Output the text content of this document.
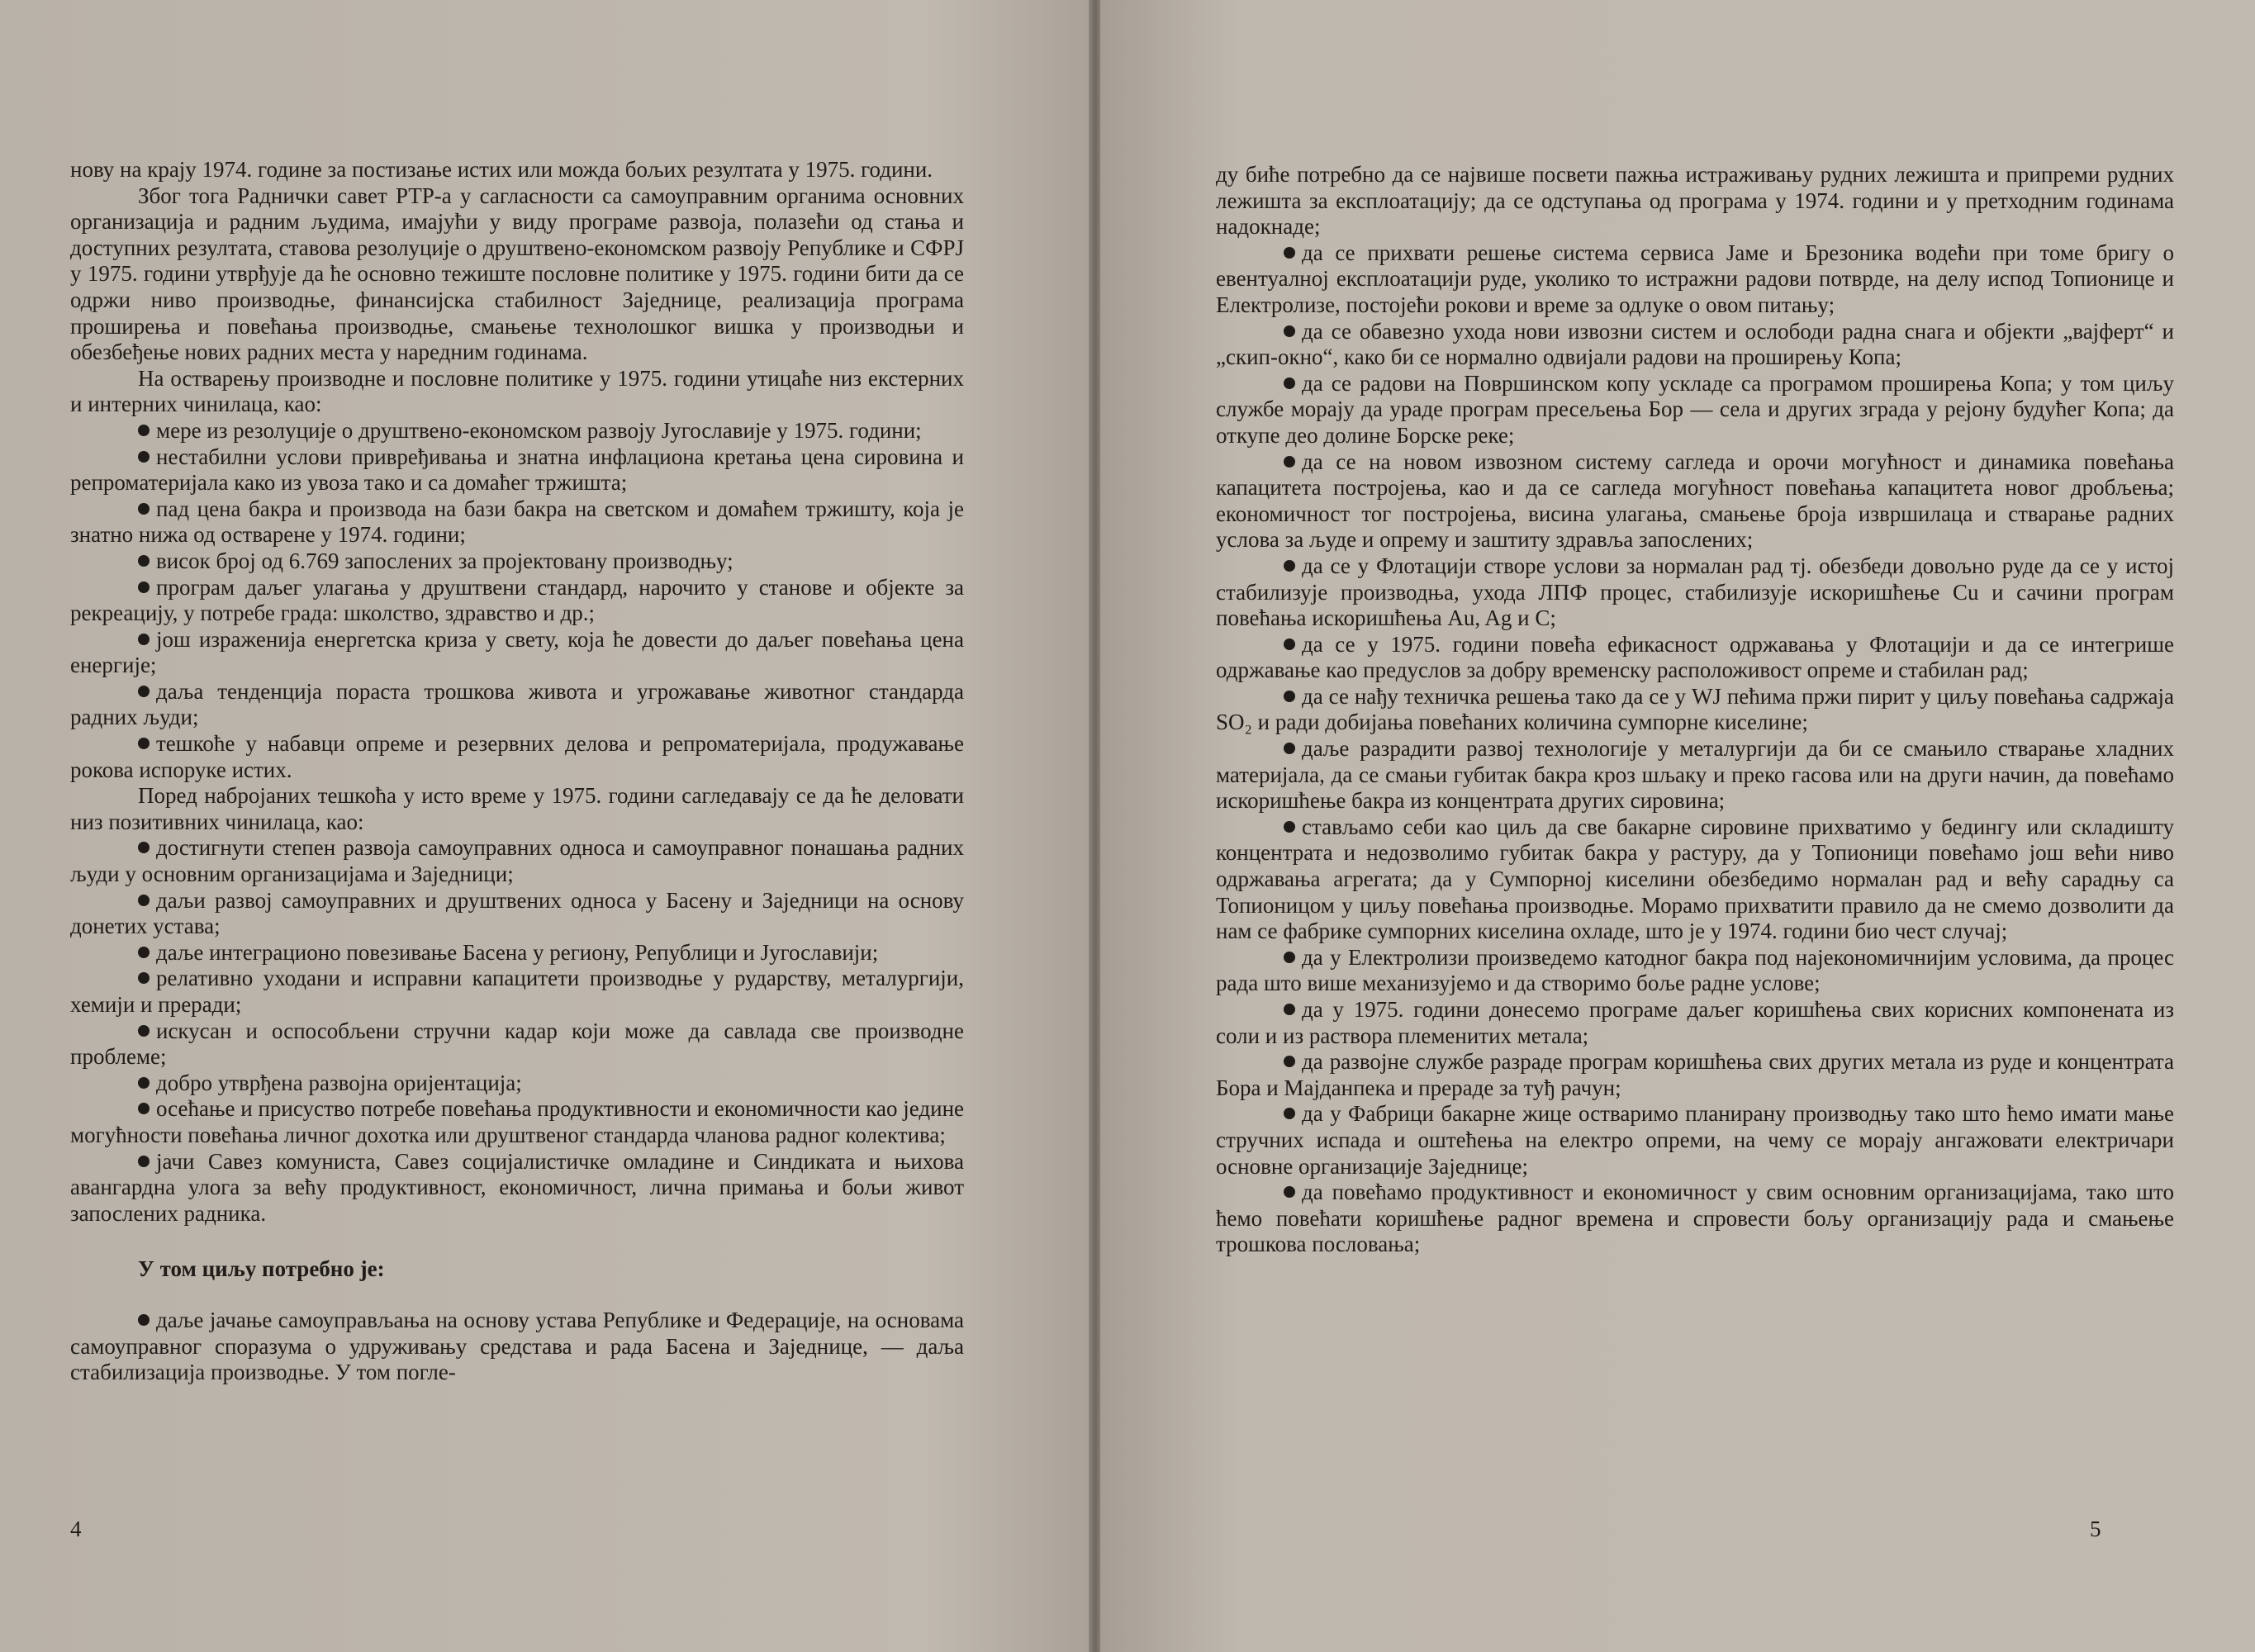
нову на крају 1974. године за постизање истих или можда бољих резултата у 1975. години.

Због тога Раднички савет РТР-а у сагласности са самоуправним органима основних организација и радним људима, имајући у виду програме развоја, полазећи од стања и доступних резултата, ставова резолуције о друштвено-економском развоју Републике и СФРЈ у 1975. години утврђује да ће основно тежиште пословне политике у 1975. години бити да се одржи ниво производње, финансијска стабилност Заједнице, реализација програма проширења и повећања производње, смањење технолошког вишка у производњи и обезбеђење нових радних места у наредним годинама.

На остварењу производне и пословне политике у 1975. години утицаће низ екстерних и интерних чинилаца, као:

мере из резолуције о друштвено-економском развоју Југославије у 1975. години;

нестабилни услови привређивања и знатна инфлациона кретања цена сировина и репроматеријала како из увоза тако и са домаћег тржишта;

пад цена бакра и производа на бази бакра на светском и домаћем тржишту, која је знатно нижа од остварене у 1974. години;

висок број од 6.769 запослених за пројектовану производњу;

програм даљег улагања у друштвени стандард, нарочито у станове и објекте за рекреацију, у потребе града: школство, здравство и др.;

још изражениja енергетска криза у свету, која ће довести до даљег повећања цена енергије;

даља тенденција пораста трошкова живота и угрожавање животног стандарда радних људи;

тешкоће у набавци опреме и резервних делова и репроматеријала, продужавање рокова испоруке истих.

Поред набројаних тешкоћа у исто време у 1975. години сагледавају се да ће деловати низ позитивних чинилаца, као:

достигнути степен развоја самоуправних односа и самоуправног понашања радних људи у основним организацијама и Заједници;

даљи развој самоуправних и друштвених односа у Басену и Заједници на основу донетих устава;

даље интеграционо повезивање Басена у региону, Републици и Југославији;

релативно уходани и исправни капацитети производње у рударству, металургији, хемији и преради;

искусан и оспособљени стручни кадар који може да савлада све производне проблеме;

добро утврђена развојна оријентација;

осећање и присуство потребе повећања продуктивности и економичности као једине могућности повећања личног дохотка или друштвеног стандарда чланова радног колектива;

јачи Савез комуниста, Савез социјалистичке омладине и Синдиката и њихова авангардна улога за већу продуктивност, економичност, лична примања и бољи живот запослених радника.

У том циљу потребно је:

даље јачање самоуправљања на основу устава Републике и Федерације, на основама самоуправног споразума о удруживању средстава и рада Басена и Заједнице, — даља стабилизација производње. У том погле-

4

ду биће потребно да се највише посвети пажња истраживању рудних лежишта и припреми рудних лежишта за експлоатацију; да се одступања од програма у 1974. години и у претходним годинама надокнаде;

да се прихвати решење система сервиса Јаме и Брезоника водећи при томе бригу о евентуалној експлоатацији руде, уколико то истражни радови потврде, на делу испод Топионице и Електролизе, постојећи рокови и време за одлуке о овом питању;

да се обавезно ухода нови извозни систем и ослободи радна снага и објекти „вајферт“ и „скип-окно“, како би се нормално одвијали радови на проширењу Копа;

да се радови на Површинском копу ускладе са програмом проширења Копа; у том циљу службе морају да ураде програм пресељења Бор — села и других зграда у рејону будућег Копа; да откупе део долине Борске реке;

да се на новом извозном систему сагледа и орочи могућност и динамика повећања капацитета постројења, као и да се сагледа могућност повећања капацитета новог дробљења; економичност тог постројења, висина улагања, смањење броја извршилаца и стварање радних услова за људе и опрему и заштиту здравља запослених;

да се у Флотацији створе услови за нормалан рад тј. обезбеди довољно руде да се у истој стабилизује производња, ухода ЛПФ процес, стабилизује искоришћење Cu и сачини програм повећања искоришћења Au, Ag и C;

да се у 1975. години повећа ефикасност одржавања у Флотацији и да се интегрише одржавање као предуслов за добру временску расположивост опреме и стабилан рад;

да се нађу техничка решења тако да се у WJ пећима пржи пирит у циљу повећања садржаја SO₂ и ради добијања повећаних количина сумпорне киселине;

даље разрадити развој технологије у металургији да би се смањило стварање хладних материјала, да се смањи губитак бакра кроз шљаку и преко гасова или на други начин, да повећамо искоришћење бакра из концентрата других сировина;

стављамо себи као циљ да све бакарне сировине прихватимо у бедингу или складишту концентрата и недозволимо губитак бакра у растуру, да у Топионици повећамо још већи ниво одржавања агрегата; да у Сумпорној киселини обезбедимо нормалан рад и већу сарадњу са Топионицом у циљу повећања производње. Морамо прихватити правило да не смемо дозволити да нам се фабрике сумпорних киселина охладе, што је у 1974. години био чест случај;

да у Електролизи произведемо катодног бакра под најекономичнијим условима, да процес рада што више механизујемо и да створимо боље радне услове;

да у 1975. години донесемо програме даљег коришћења свих корисних компонената из соли и из раствора племенитих метала;

да развојне службе разраде програм коришћења свих других метала из руде и концентрата Бора и Мајданпека и прераде за туђ рачун;

да у Фабрици бакарне жице остваримо планирану производњу тако што ћемо имати мање стручних испада и оштећења на електро опреми, на чему се морају ангажовати електричари основне организације Заједнице;

да повећамо продуктивност и економичност у свим основним организацијама, тако што ћемо повећати коришћење радног времена и спровести бољу организацију рада и смањење трошкова пословања;

5
